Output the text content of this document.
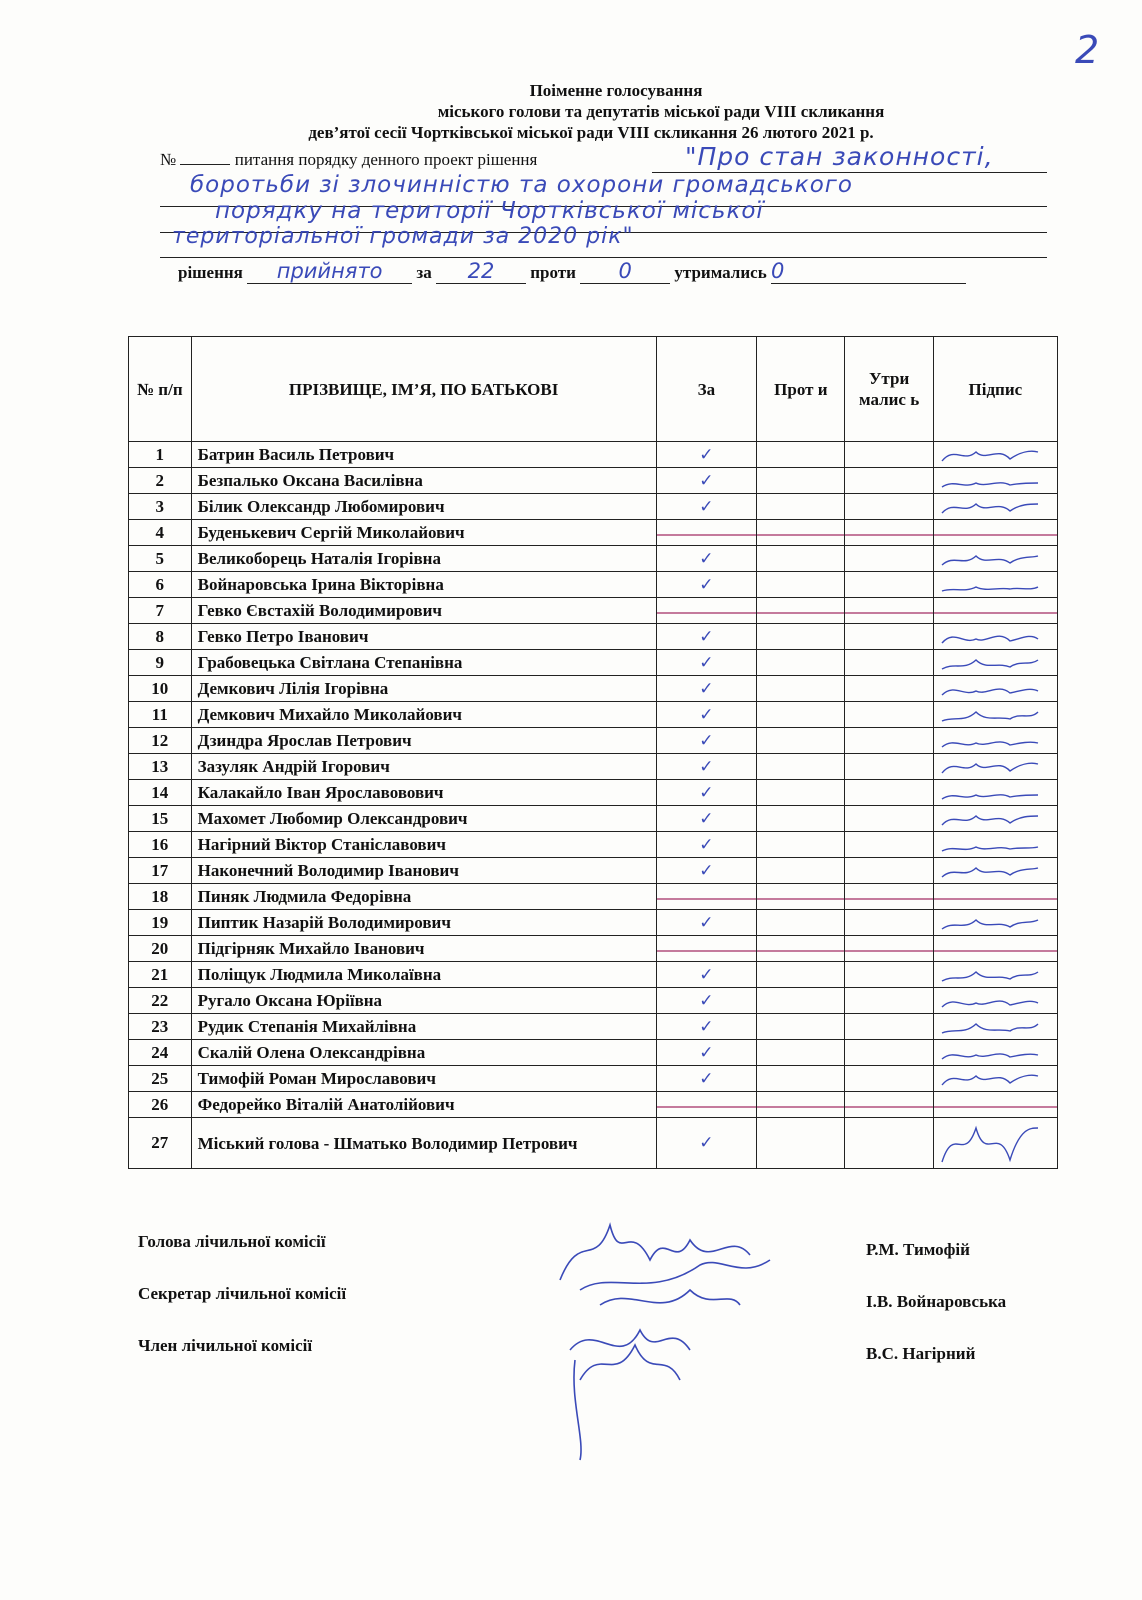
2
Поіменне голосування
міського голови та депутатів міської ради VIII скликання
дев’ятої сесії Чортківської міської ради VIII скликання 26 лютого 2021 р.
№	питання порядку денного проект рішення	"Про стан законності,
боротьби зі злочинністю та охорони громадського
порядку на території Чортківської міської
територіальної громади за 2020 рік"
рішення прийнято за 22 проти 0	утримались 0
№ п/п	ПРІЗВИЩЕ, ІМ’Я, ПО БАТЬКОВІ	За	Прот и	Утри малис ь	Підпис
1	Батрин Василь Петрович	✓			

2	Безпалько Оксана Василівна	✓			

3	Білик Олександр Любомирович	✓			

4	Буденькевич Сергій Миколайович	

5	Великоборець Наталія Ігорівна	✓			

6	Войнаровська Ірина Вікторівна	✓			

7	Гевко Євстахій Володимирович	

8	Гевко Петро Іванович	✓			

9	Грабовецька Світлана Степанівна	✓			

10	Демкович Лілія Ігорівна	✓			

11	Демкович Михайло Миколайович	✓			

12	Дзиндра Ярослав Петрович	✓			

13	Зазуляк Андрій Ігорович	✓			

14	Калакайло Іван Ярославовович	✓			

15	Махомет Любомир Олександрович	✓			

16	Нагірний Віктор Станіславович	✓			

17	Наконечний Володимир Іванович	✓			

18	Пиняк Людмила Федорівна	

19	Пиптик Назарій Володимирович	✓			

20	Підгірняк Михайло Іванович	

21	Поліщук Людмила Миколаївна	✓			

22	Ругало Оксана Юріївна	✓			

23	Рудик Степанія Михайлівна	✓			

24	Скалій Олена Олександрівна	✓			

25	Тимофій Роман Мирославович	✓			

26	Федорейко Віталій Анатолійович	

27	Міський голова - Шматько Володимир Петрович	✓			
Голова лічильної комісії
Секретар лічильної комісії
Член лічильної комісії
Р.М. Тимофій
І.В. Войнаровська
В.С. Нагірний
